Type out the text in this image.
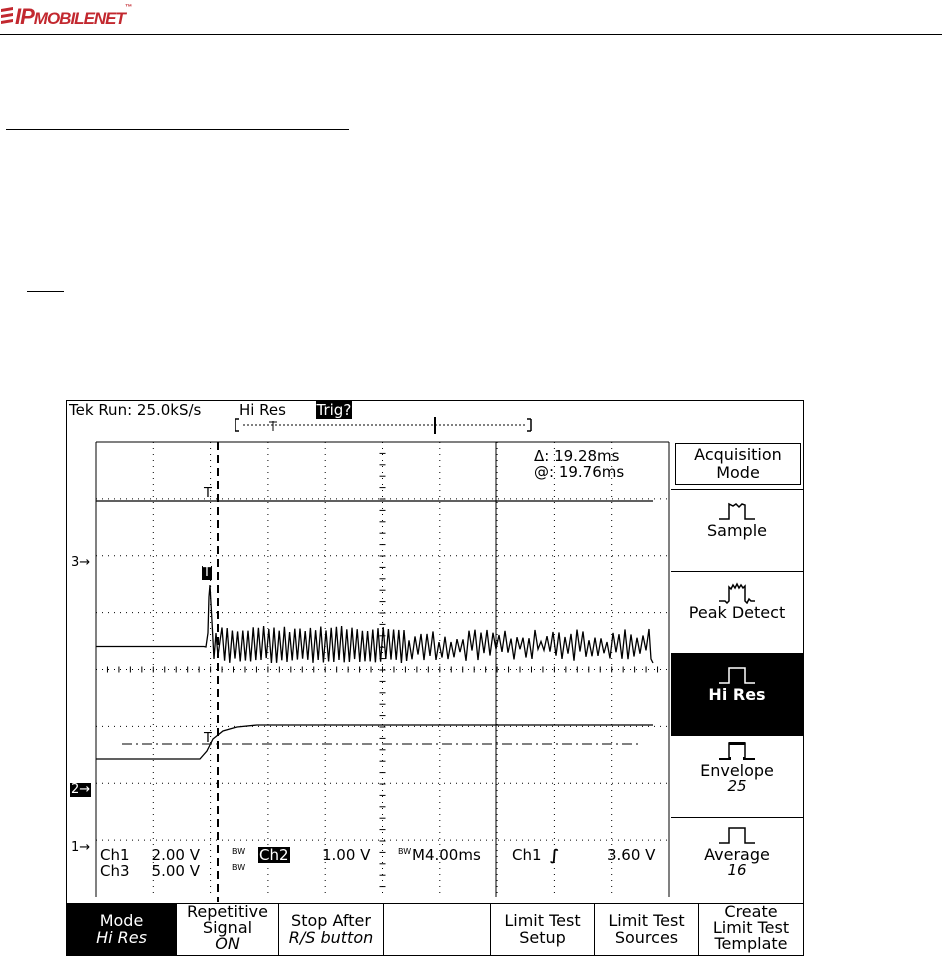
IPMOBILENET™
Tek Run: 25.0kS/s	Hi Res Trig?
Δ: 19.28ms
@: 19.76ms
T
T
T
3→
2→
1→ Ch1 2.00 V	BW Ch2 1.00 V	BW M4.00ms Ch1 ∫	3.60 V
Ch3 5.00 V	BW
Acquisition Mode
Sample
Peak Detect
Hi Res
Envelope
25
Average
16
Mode
Hi Res
Repetitive
Signal
ON
Stop After
R/S button
Limit Test
Setup
Limit Test
Sources
Create
Limit Test
Template
